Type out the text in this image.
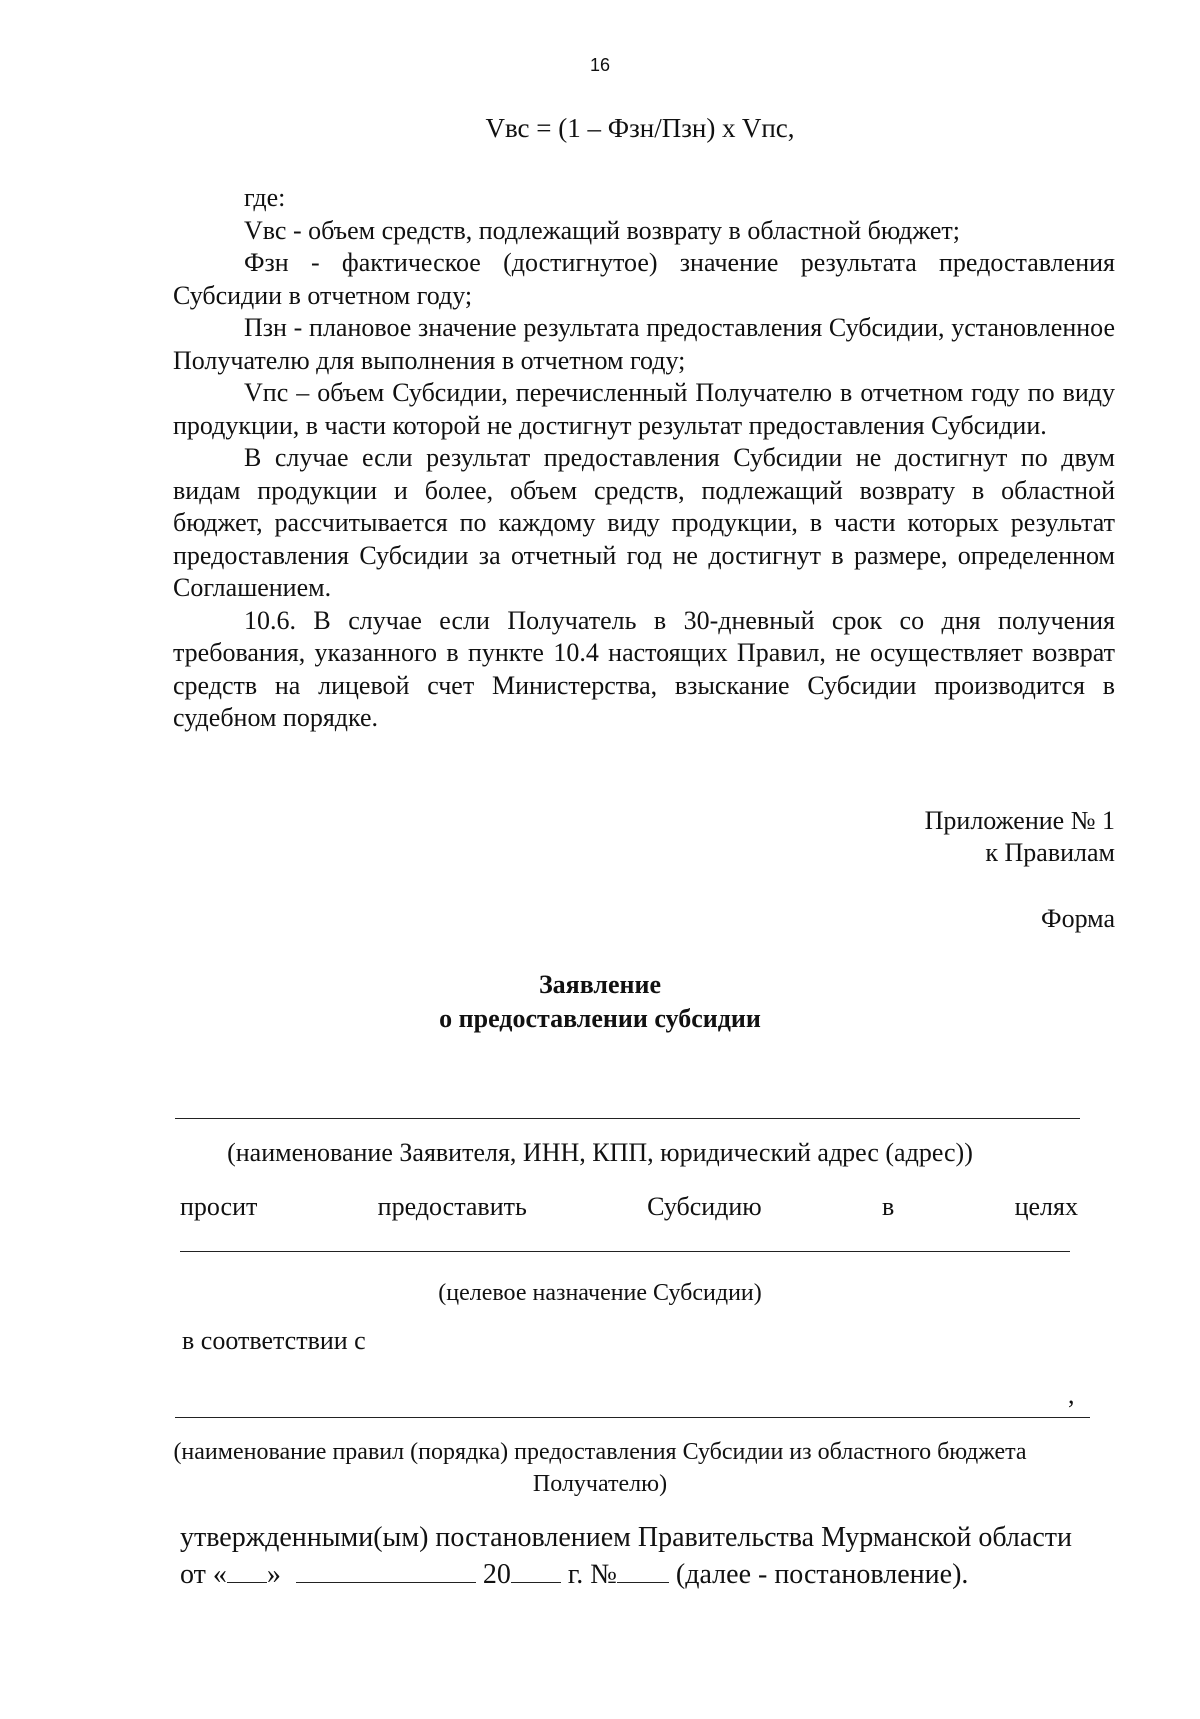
16
Vвс = (1 – Фзн/Пзн) x Vпс,

где:

Vвс - объем средств, подлежащий возврату в областной бюджет;

Фзн - фактическое (достигнутое) значение результата предоставления Субсидии в отчетном году;

Пзн - плановое значение результата предоставления Субсидии, установленное Получателю для выполнения в отчетном году;

Vпс – объем Субсидии, перечисленный Получателю в отчетном году по виду продукции, в части которой не достигнут результат предоставления Субсидии.

В случае если результат предоставления Субсидии не достигнут по двум видам продукции и более, объем средств, подлежащий возврату в областной бюджет, рассчитывается по каждому виду продукции, в части которых результат предоставления Субсидии за отчетный год не достигнут в размере, определенном Соглашением.

10.6. В случае если Получатель в 30-дневный срок со дня получения требования, указанного в пункте 10.4 настоящих Правил, не осуществляет возврат средств на лицевой счет Министерства, взыскание Субсидии производится в судебном порядке.

Приложение № 1
к Правилам
Форма
Заявление
о предоставлении субсидии
(наименование Заявителя, ИНН, КПП, юридический адрес (адрес))
просит	предоставить	Субсидию	в	целях
(целевое назначение Субсидии)
в соответствии с
,
(наименование правил (порядка) предоставления Субсидии из областного бюджета
Получателю)
утвержденными(ым) постановлением Правительства Мурманской области
от « »	20 г. № (далее - постановление).
